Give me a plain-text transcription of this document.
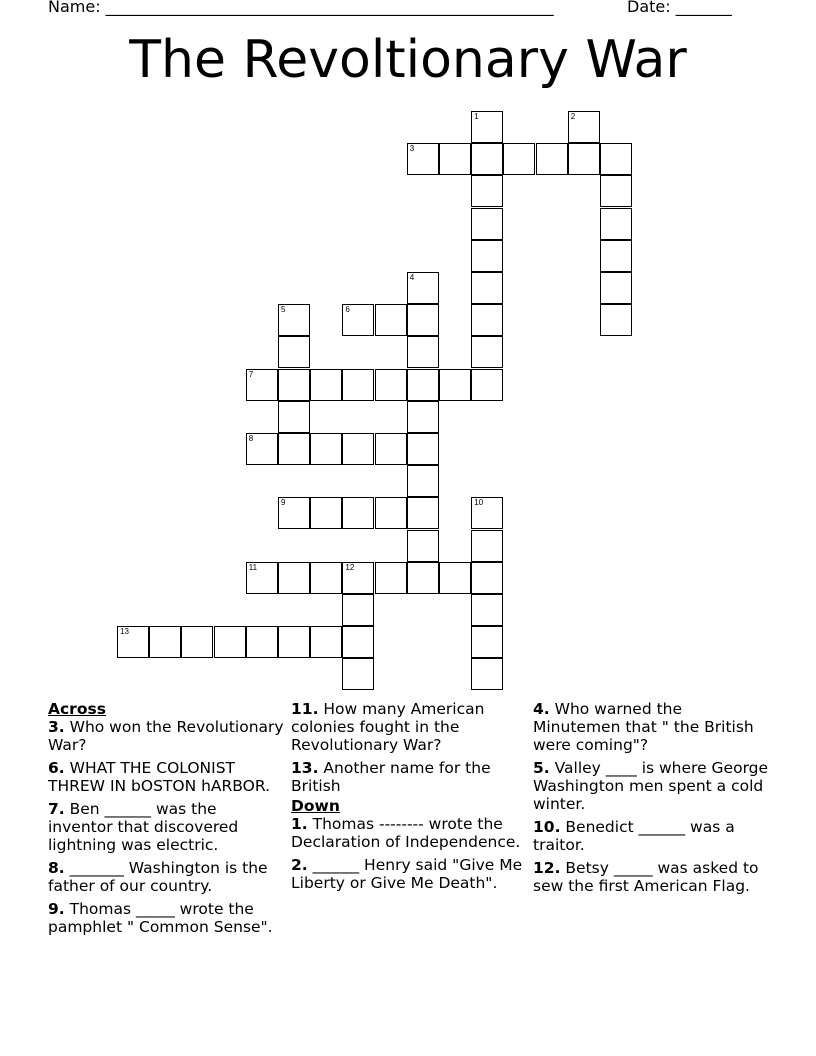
Name: ________________________________________________________	Date: _______
The Revoltionary War
1	2
3
4
5	6
7
8
9	10
11	12
13
Across
3. Who won the Revolutionary War?
6. WHAT THE COLONIST THREW IN bOSTON hARBOR.
7. Ben ______ was the inventor that discovered lightning was electric.
8. _______ Washington is the father of our country.
9. Thomas _____ wrote the pamphlet " Common Sense".
11. How many American colonies fought in the Revolutionary War?
13. Another name for the British
Down
1. Thomas -------- wrote the Declaration of Independence.
2. ______ Henry said "Give Me Liberty or Give Me Death".
4. Who warned the Minutemen that " the British were coming"?
5. Valley ____ is where George Washington men spent a cold winter.
10. Benedict ______ was a traitor.
12. Betsy _____ was asked to sew the first American Flag.
